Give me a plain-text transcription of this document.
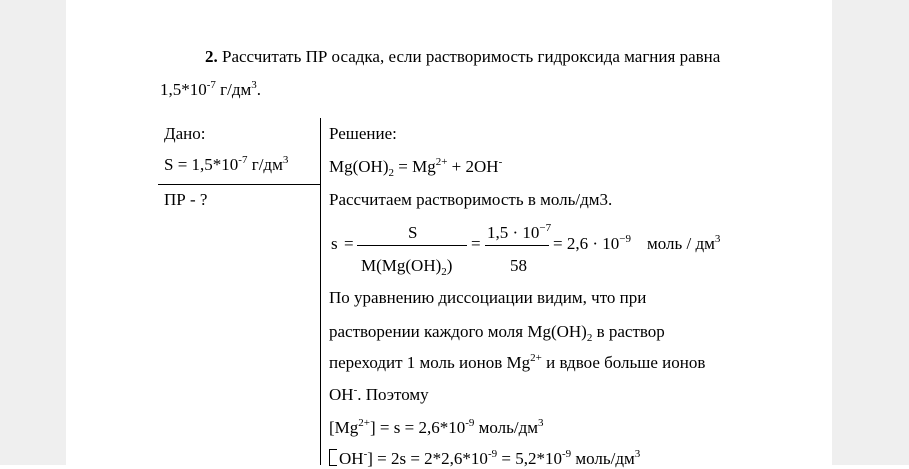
2. Рассчитать ПР осадка, если растворимость гидроксида магния равна
$1,5*10^{-7}$ $г/дм^3$.
Дано:
$S = 1,5*10^{-7}$ $г/дм^3$
ПР - ?
Решение:
$Mg(OH)_2 = Mg^{2+} + 2OH^-$
Рассчитаем растворимость в моль/дм3.
s =
S
$M(Mg(OH)_2)$
=
$1,5 \cdot 10^{-7}$
58
= $2,6 \cdot 10^{-9}$ моль / $дм^3$
По уравнению диссоциации видим, что при
растворении каждого моля $Mg(OH)_2$ в раствор
переходит 1 моль ионов $Mg^{2+}$ и вдвое больше ионов
OH-. Поэтому
$[Mg^{2+}] = s = 2,6*10^{-9}$ моль/$дм^3$
$OH^-] = 2s = 2*2,6*10^{-9} = 5,2*10^{-9}$ моль/$дм^3$
